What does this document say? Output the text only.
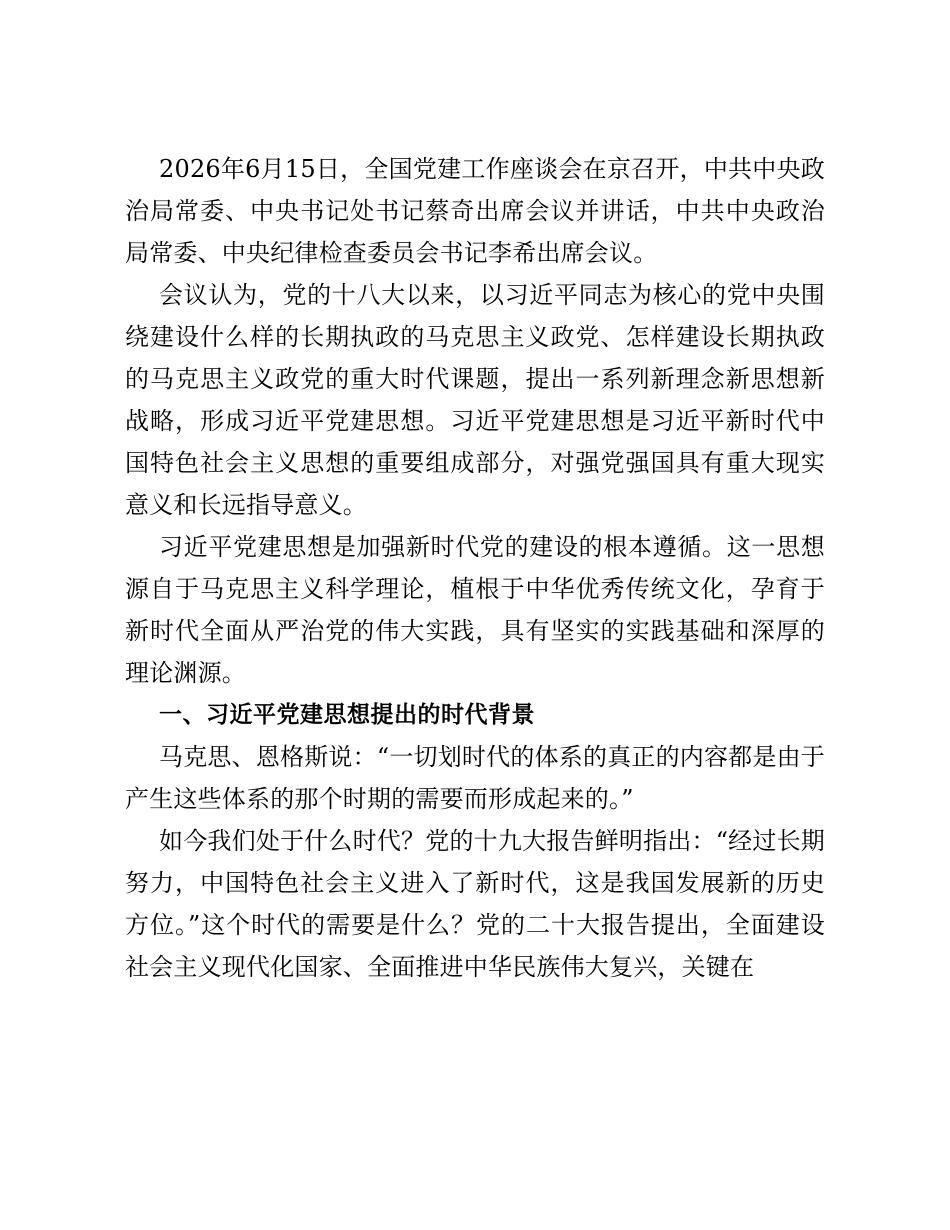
2026年6月15日，全国党建工作座谈会在京召开，中共中央政治局常委、中央书记处书记蔡奇出席会议并讲话，中共中央政治局常委、中央纪律检查委员会书记李希出席会议。

会议认为，党的十八大以来，以习近平同志为核心的党中央围绕建设什么样的长期执政的马克思主义政党、怎样建设长期执政的马克思主义政党的重大时代课题，提出一系列新理念新思想新战略，形成习近平党建思想。习近平党建思想是习近平新时代中国特色社会主义思想的重要组成部分，对强党强国具有重大现实意义和长远指导意义。

习近平党建思想是加强新时代党的建设的根本遵循。这一思想源自于马克思主义科学理论，植根于中华优秀传统文化，孕育于新时代全面从严治党的伟大实践，具有坚实的实践基础和深厚的理论渊源。

一、习近平党建思想提出的时代背景

马克思、恩格斯说：“一切划时代的体系的真正的内容都是由于产生这些体系的那个时期的需要而形成起来的。”

如今我们处于什么时代？党的十九大报告鲜明指出：“经过长期努力，中国特色社会主义进入了新时代，这是我国发展新的历史方位。”这个时代的需要是什么？党的二十大报告提出，全面建设社会主义现代化国家、全面推进中华民族伟大复兴，关键在
